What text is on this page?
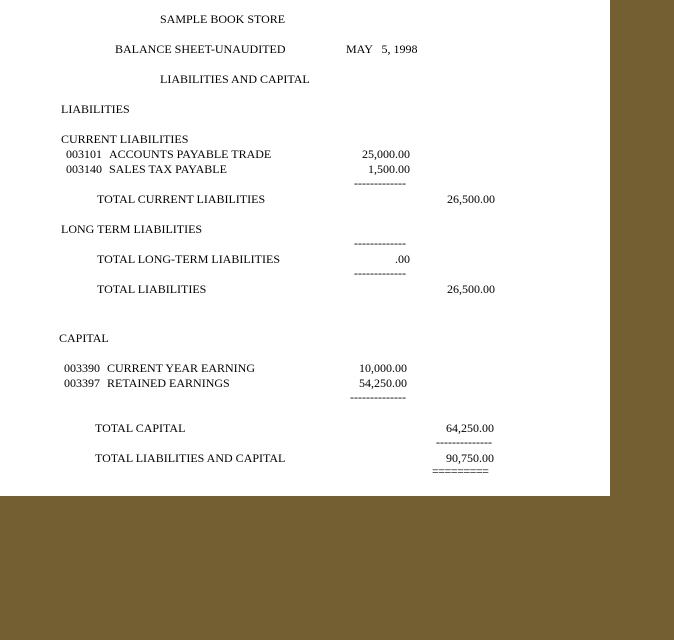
SAMPLE BOOK STORE
BALANCE SHEET-UNAUDITED	MAY   5, 1998
LIABILITIES AND CAPITAL
LIABILITIES
CURRENT LIABILITIES
003101 ACCOUNTS PAYABLE TRADE	25,000.00
003140 SALES TAX PAYABLE	1,500.00
-------------
TOTAL CURRENT LIABILITIES	26,500.00
LONG TERM LIABILITIES
-------------
TOTAL LONG-TERM LIABILITIES	.00
-------------
TOTAL LIABILITIES	26,500.00
CAPITAL
003390 CURRENT YEAR EARNING	10,000.00
003397 RETAINED EARNINGS	54,250.00
--------------
TOTAL CAPITAL	64,250.00
--------------
TOTAL LIABILITIES AND CAPITAL	90,750.00
=========
